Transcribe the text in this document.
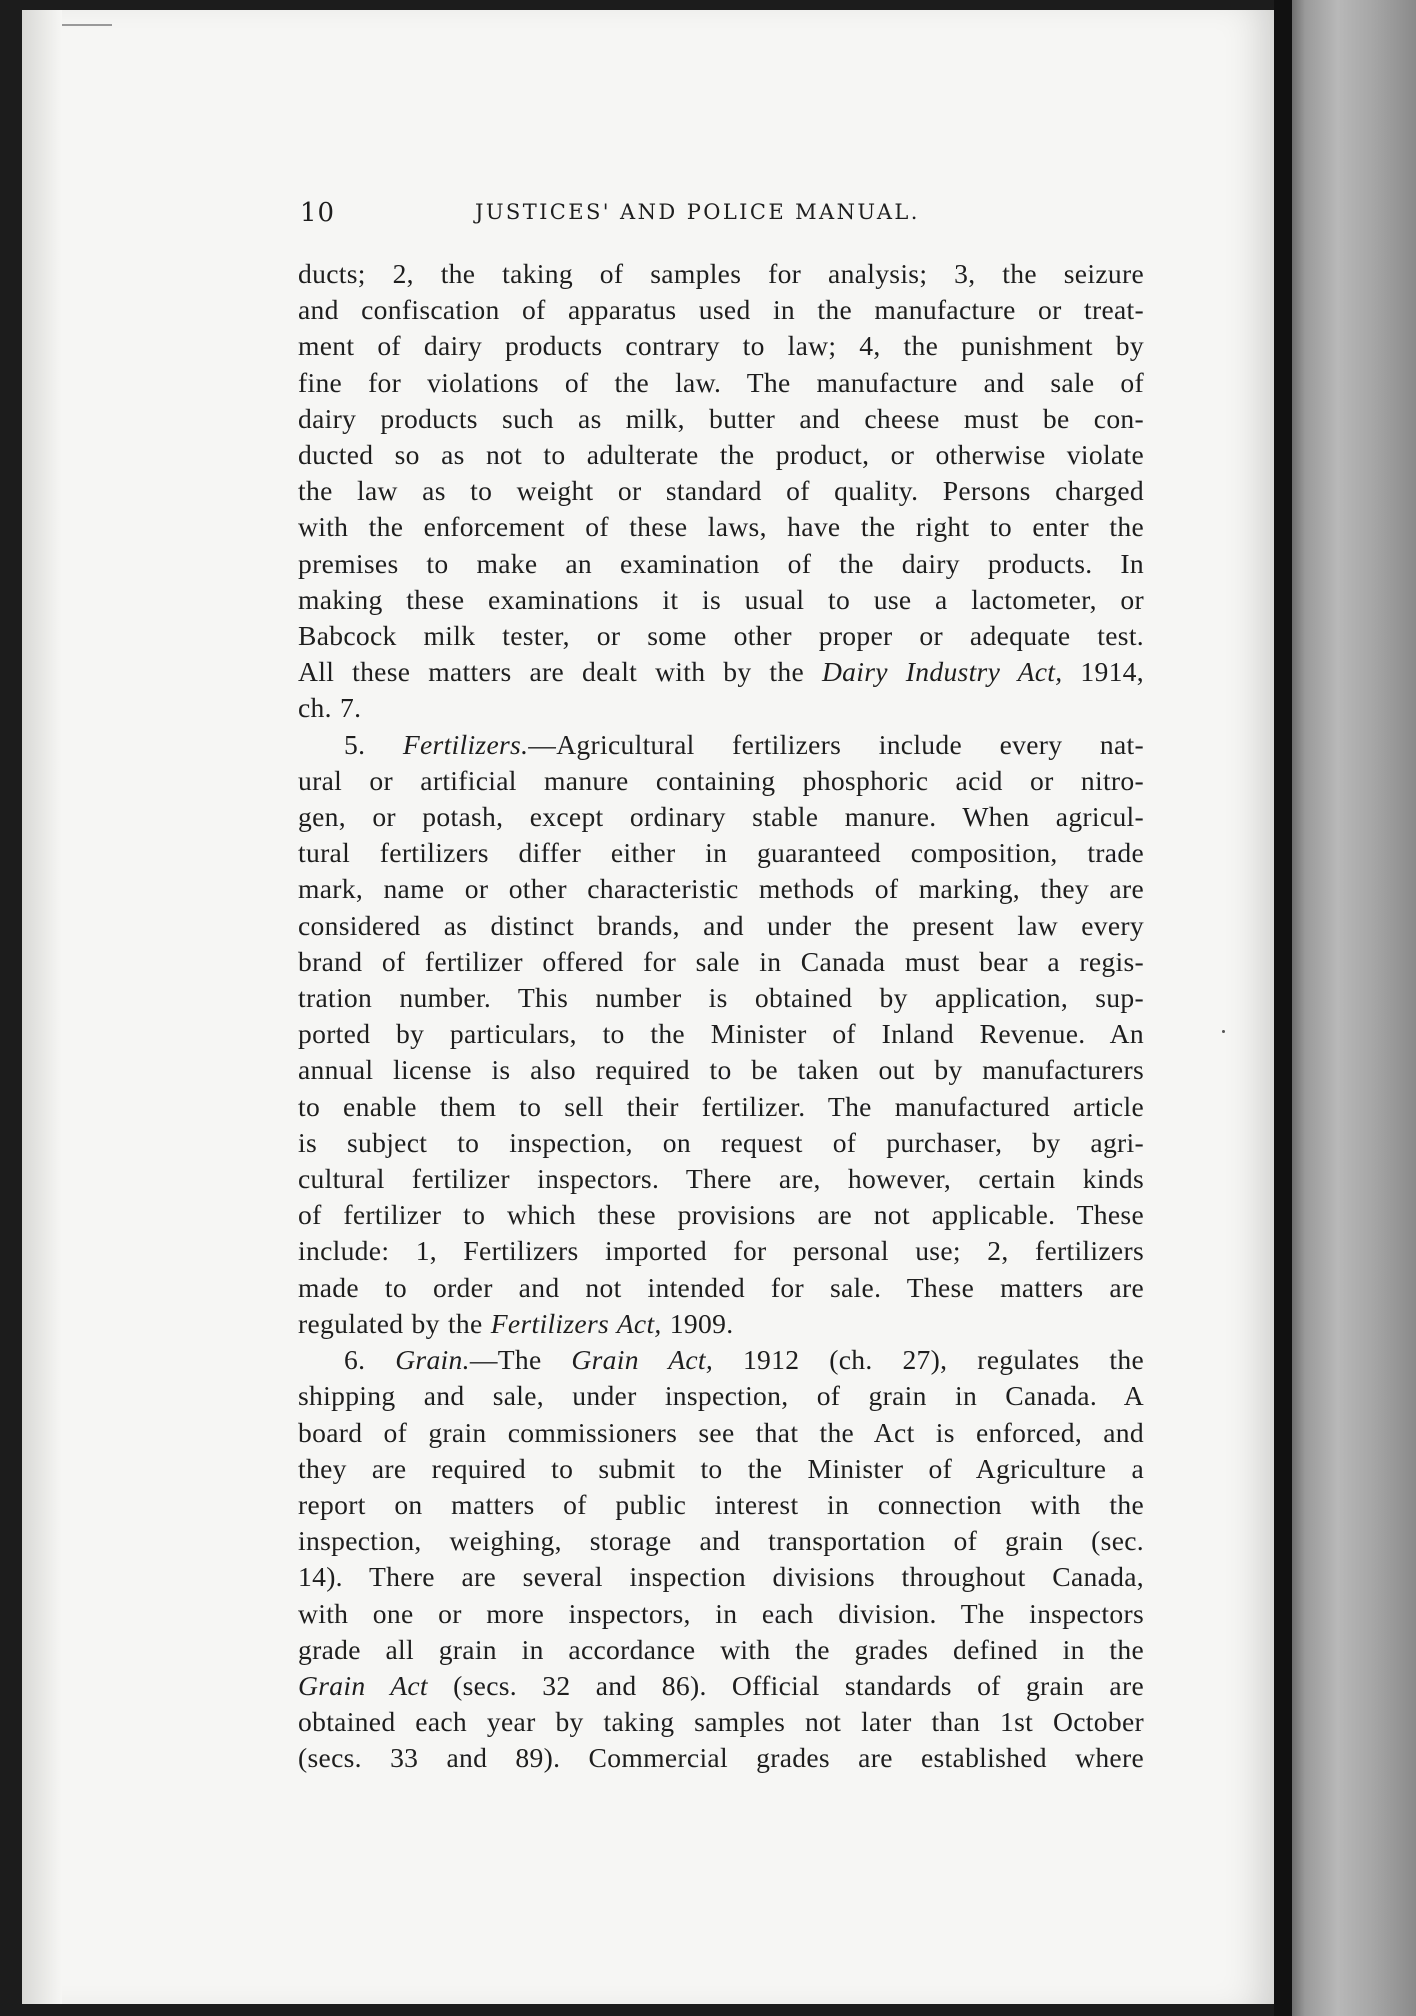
10	JUSTICES' AND POLICE MANUAL.
ducts; 2, the taking of samples for analysis; 3, the seizure
and confiscation of apparatus used in the manufacture or treat-
ment of dairy products contrary to law; 4, the punishment by
fine for violations of the law. The manufacture and sale of
dairy products such as milk, butter and cheese must be con-
ducted so as not to adulterate the product, or otherwise violate
the law as to weight or standard of quality. Persons charged
with the enforcement of these laws, have the right to enter the
premises to make an examination of the dairy products. In
making these examinations it is usual to use a lactometer, or
Babcock milk tester, or some other proper or adequate test.
All these matters are dealt with by the Dairy Industry Act, 1914,
ch. 7.
5. Fertilizers.—Agricultural fertilizers include every nat-
ural or artificial manure containing phosphoric acid or nitro-
gen, or potash, except ordinary stable manure. When agricul-
tural fertilizers differ either in guaranteed composition, trade
mark, name or other characteristic methods of marking, they are
considered as distinct brands, and under the present law every
brand of fertilizer offered for sale in Canada must bear a regis-
tration number. This number is obtained by application, sup-
ported by particulars, to the Minister of Inland Revenue. An
annual license is also required to be taken out by manufacturers
to enable them to sell their fertilizer. The manufactured article
is subject to inspection, on request of purchaser, by agri-
cultural fertilizer inspectors. There are, however, certain kinds
of fertilizer to which these provisions are not applicable. These
include: 1, Fertilizers imported for personal use; 2, fertilizers
made to order and not intended for sale. These matters are
regulated by the Fertilizers Act, 1909.
6. Grain.—The Grain Act, 1912 (ch. 27), regulates the
shipping and sale, under inspection, of grain in Canada. A
board of grain commissioners see that the Act is enforced, and
they are required to submit to the Minister of Agriculture a
report on matters of public interest in connection with the
inspection, weighing, storage and transportation of grain (sec.
14). There are several inspection divisions throughout Canada,
with one or more inspectors, in each division. The inspectors
grade all grain in accordance with the grades defined in the
Grain Act (secs. 32 and 86). Official standards of grain are
obtained each year by taking samples not later than 1st October
(secs. 33 and 89). Commercial grades are established where
